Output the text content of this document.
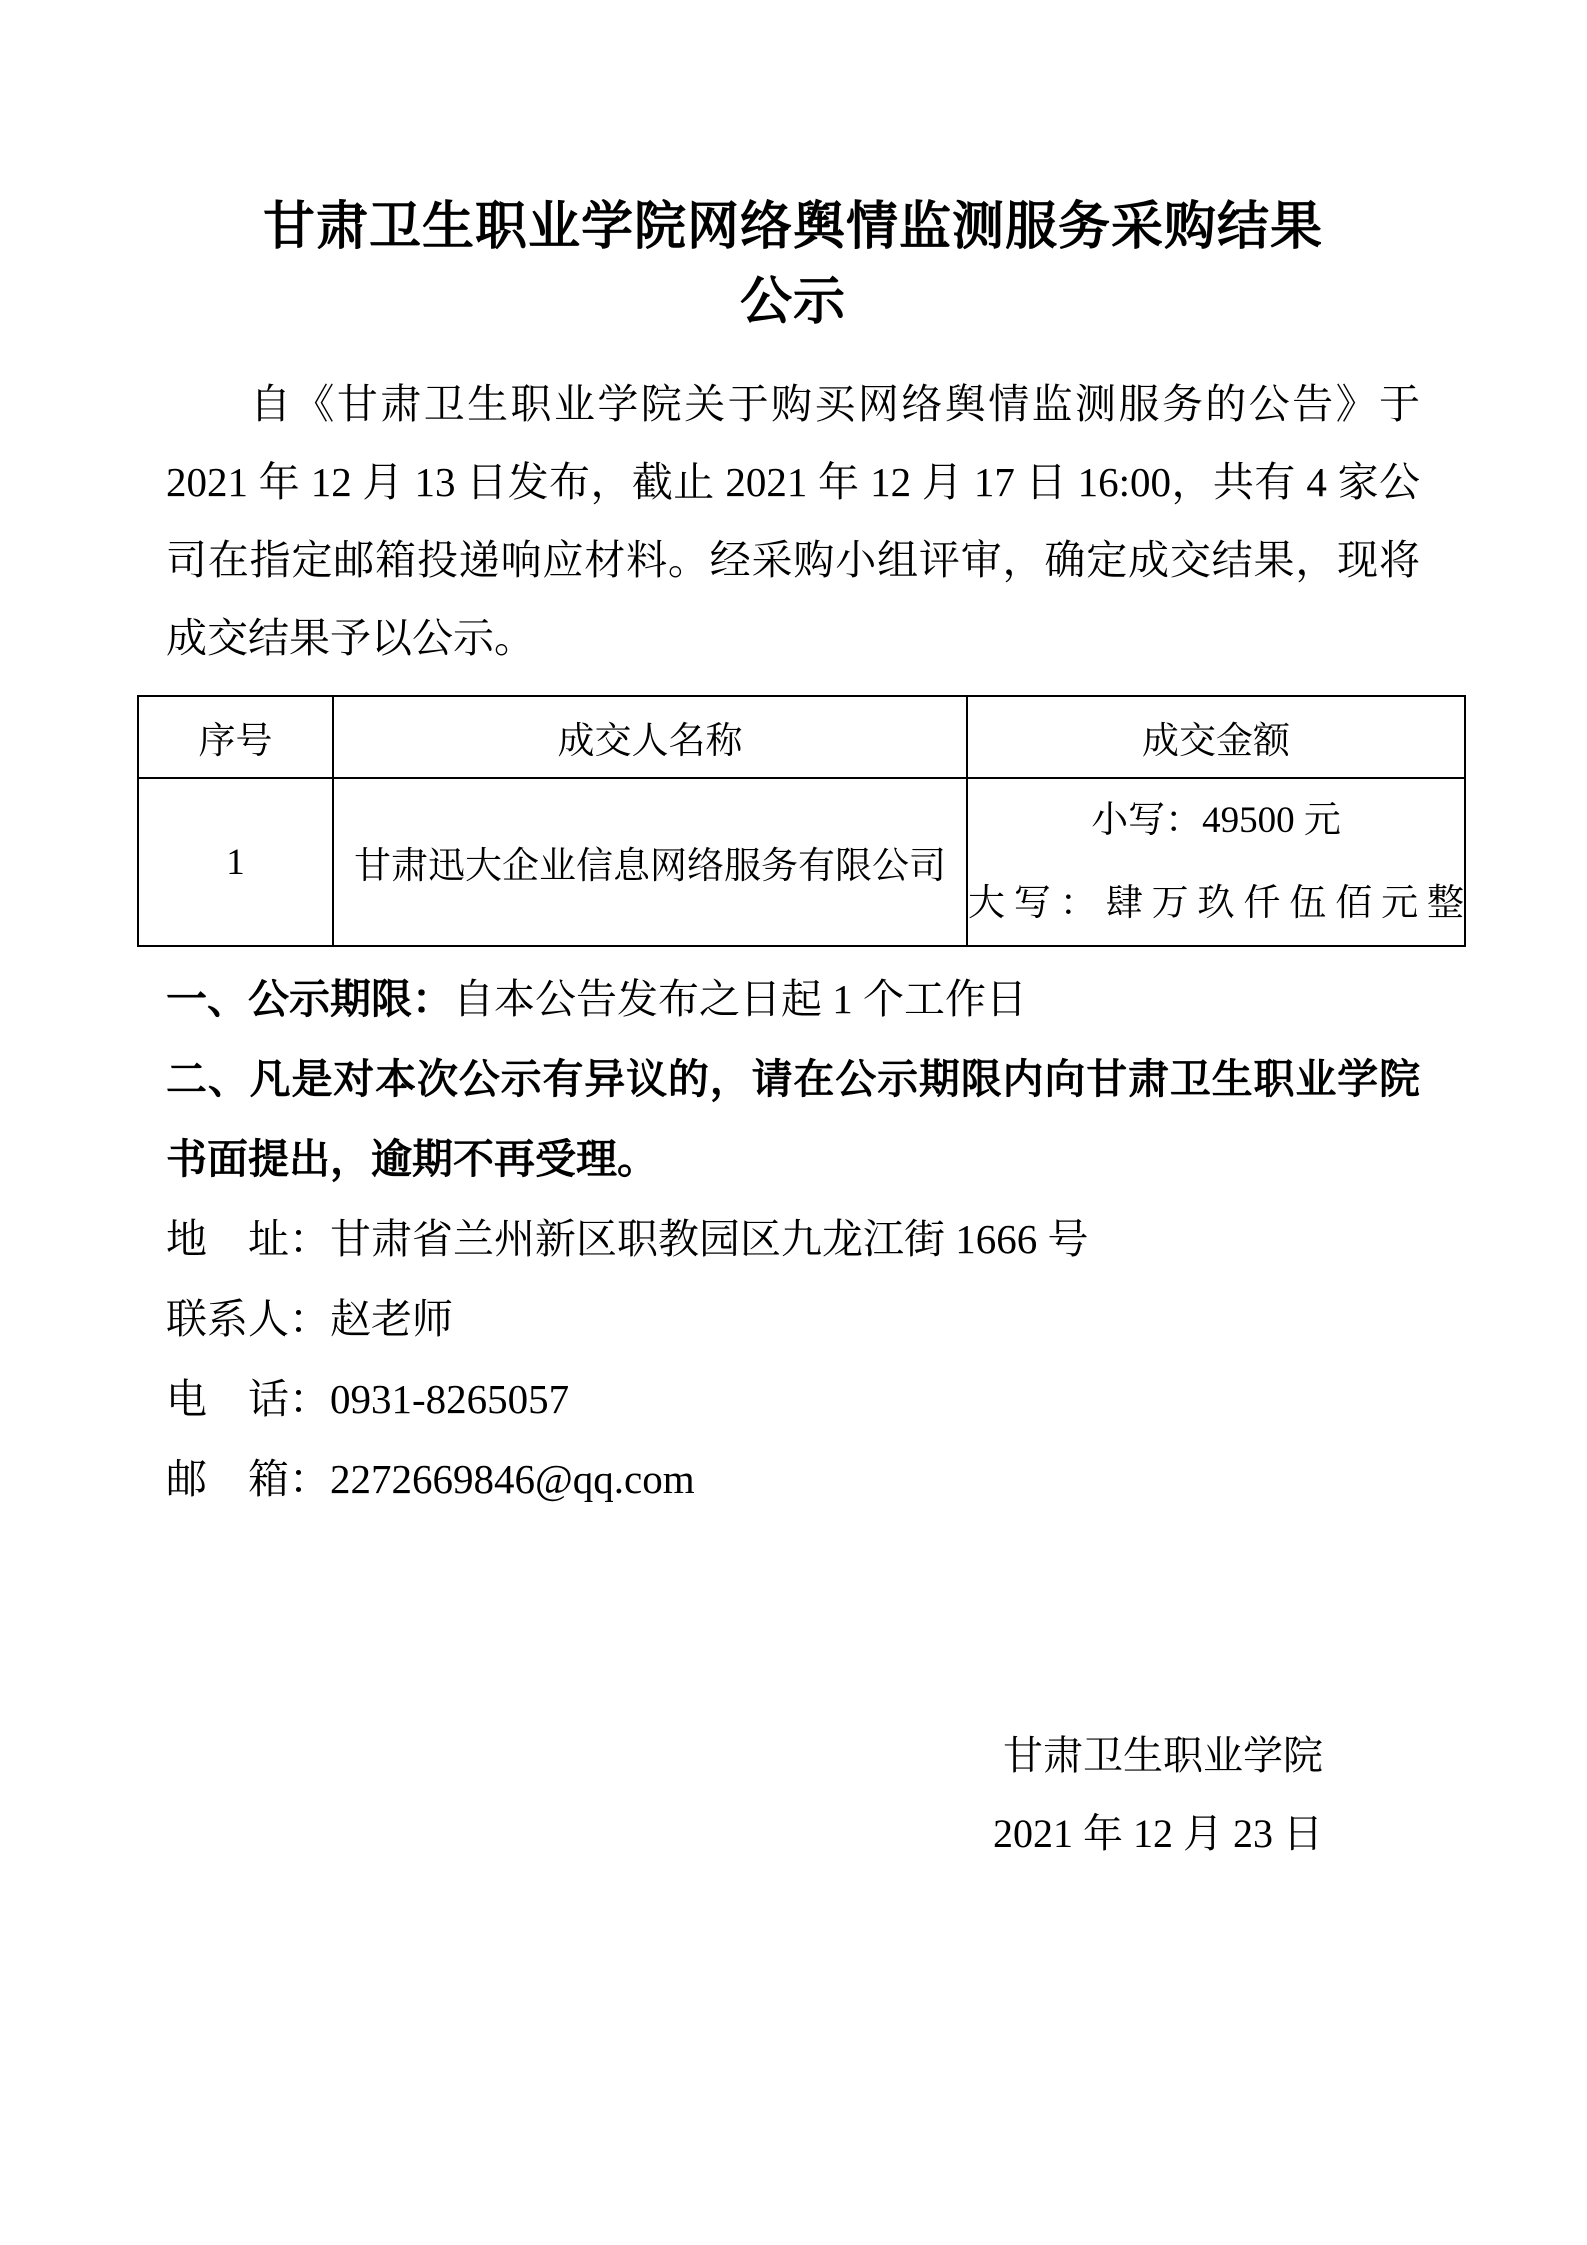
甘肃卫生职业学院网络舆情监测服务采购结果
公示

自《甘肃卫生职业学院关于购买网络舆情监测服务的公告》于 2021 年 12 月 13 日发布，截止 2021 年 12 月 17 日 16:00，共有 4 家公司在指定邮箱投递响应材料。经采购小组评审，确定成交结果，现将成交结果予以公示。

序号	成交人名称	成交金额
1	甘肃迅大企业信息网络服务有限公司	小写：49500 元
大写：肆万玖仟伍佰元整

一、公示期限：自本公告发布之日起 1 个工作日

二、凡是对本次公示有异议的，请在公示期限内向甘肃卫生职业学院书面提出，逾期不再受理。

地　址：甘肃省兰州新区职教园区九龙江街 1666 号

联系人：赵老师

电　话：0931-8265057

邮　箱：2272669846@qq.com

甘肃卫生职业学院

2021 年 12 月 23 日
